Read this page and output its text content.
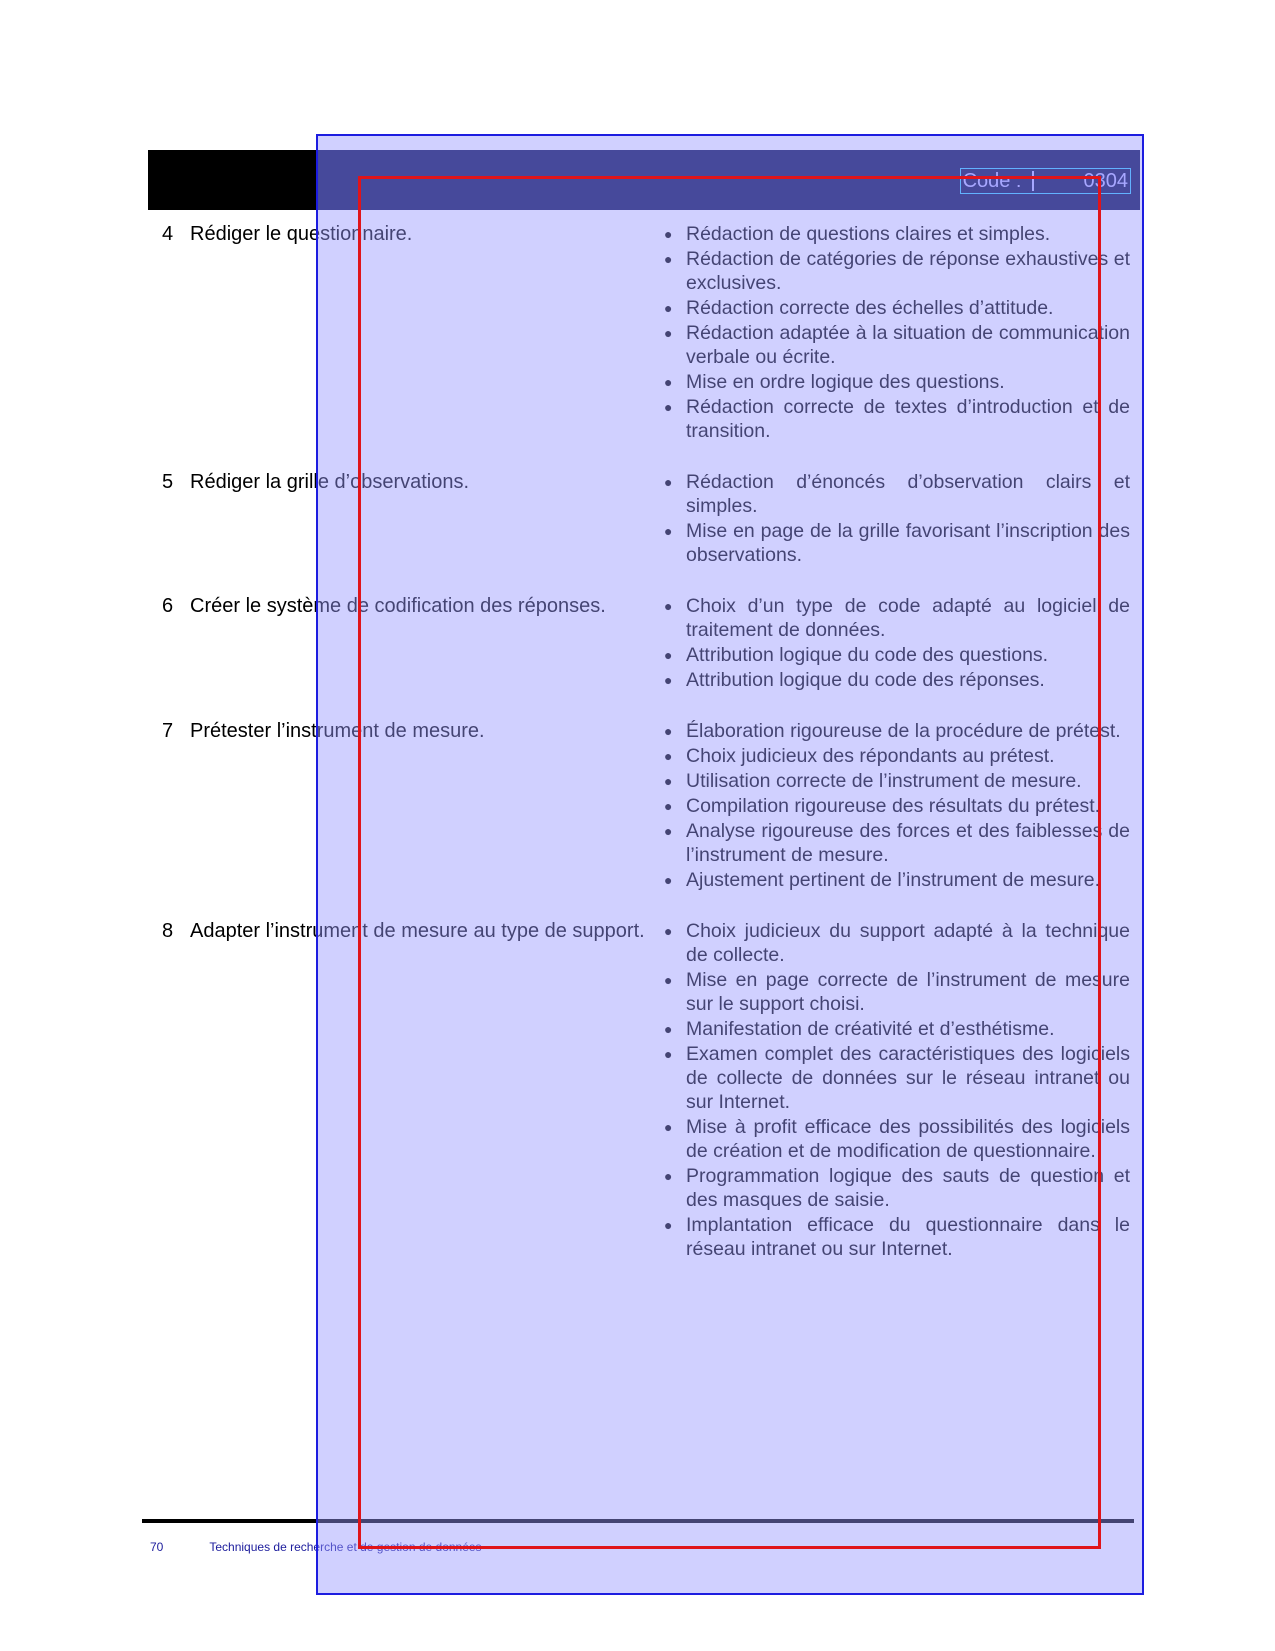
Code :	0304
4 Rédiger le questionnaire.	● Rédaction de questions claires et simples.
● Rédaction de catégories de réponse exhaustives et exclusives.
● Rédaction correcte des échelles d’attitude.
● Rédaction adaptée à la situation de communication verbale ou écrite.
● Mise en ordre logique des questions.
● Rédaction correcte de textes d’introduction et de transition.
5 Rédiger la grille d’observations.	● Rédaction d’énoncés d’observation clairs et simples.
● Mise en page de la grille favorisant l’inscription des observations.
6 Créer le système de codification des réponses.	● Choix d’un type de code adapté au logiciel de traitement de données.
● Attribution logique du code des questions.
● Attribution logique du code des réponses.
7 Prétester l’instrument de mesure.	● Élaboration rigoureuse de la procédure de prétest.
● Choix judicieux des répondants au prétest.
● Utilisation correcte de l’instrument de mesure.
● Compilation rigoureuse des résultats du prétest.
● Analyse rigoureuse des forces et des faiblesses de l’instrument de mesure.
● Ajustement pertinent de l’instrument de mesure.
8 Adapter l’instrument de mesure au type de support.	● Choix judicieux du support adapté à la technique de collecte.
● Mise en page correcte de l’instrument de mesure sur le support choisi.
● Manifestation de créativité et d’esthétisme.
● Examen complet des caractéristiques des logiciels de collecte de données sur le réseau intranet ou sur Internet.
● Mise à profit efficace des possibilités des logiciels de création et de modification de questionnaire.
● Programmation logique des sauts de question et des masques de saisie.
● Implantation efficace du questionnaire dans le réseau intranet ou sur Internet.
70	Techniques de recherche et de gestion de données
